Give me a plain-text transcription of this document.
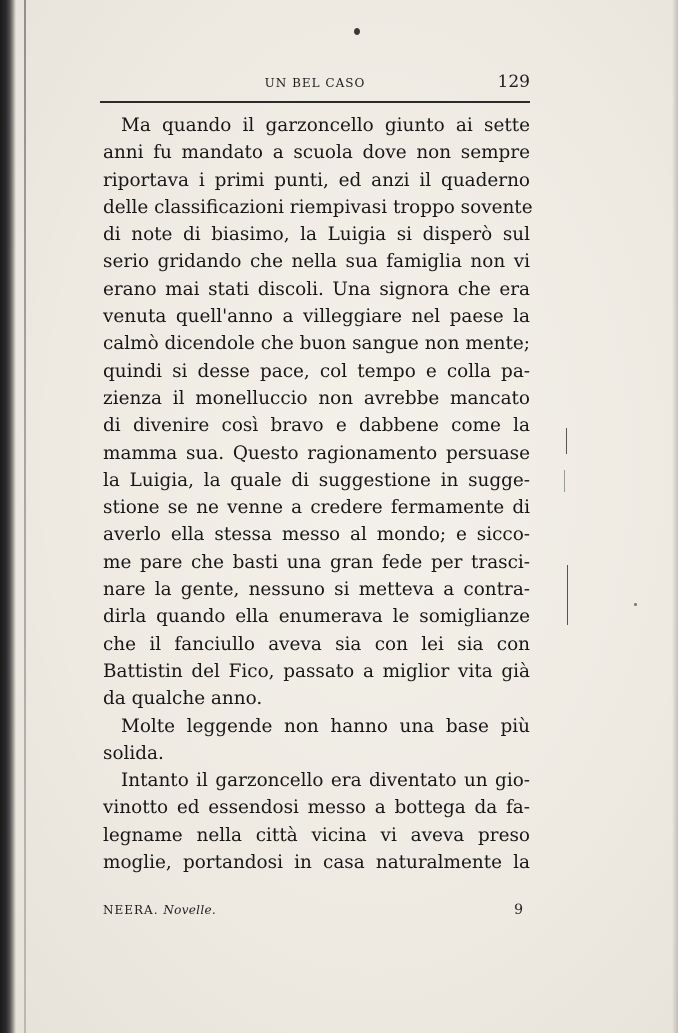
UN BEL CASO	129
Ma quando il garzoncello giunto ai sette
anni fu mandato a scuola dove non sempre
riportava i primi punti, ed anzi il quaderno
delle classificazioni riempivasi troppo sovente
di note di biasimo, la Luigia si disperò sul
serio gridando che nella sua famiglia non vi
erano mai stati discoli. Una signora che era
venuta quell'anno a villeggiare nel paese la
calmò dicendole che buon sangue non mente;
quindi si desse pace, col tempo e colla pa-
zienza il monelluccio non avrebbe mancato
di divenire così bravo e dabbene come la
mamma sua. Questo ragionamento persuase
la Luigia, la quale di suggestione in sugge-
stione se ne venne a credere fermamente di
averlo ella stessa messo al mondo; e sicco-
me pare che basti una gran fede per trasci-
nare la gente, nessuno si metteva a contra-
dirla quando ella enumerava le somiglianze
che il fanciullo aveva sia con lei sia con
Battistin del Fico, passato a miglior vita già
da qualche anno.
Molte leggende non hanno una base più
solida.
Intanto il garzoncello era diventato un gio-
vinotto ed essendosi messo a bottega da fa-
legname nella città vicina vi aveva preso
moglie, portandosi in casa naturalmente la
NEERA. Novelle.	9
